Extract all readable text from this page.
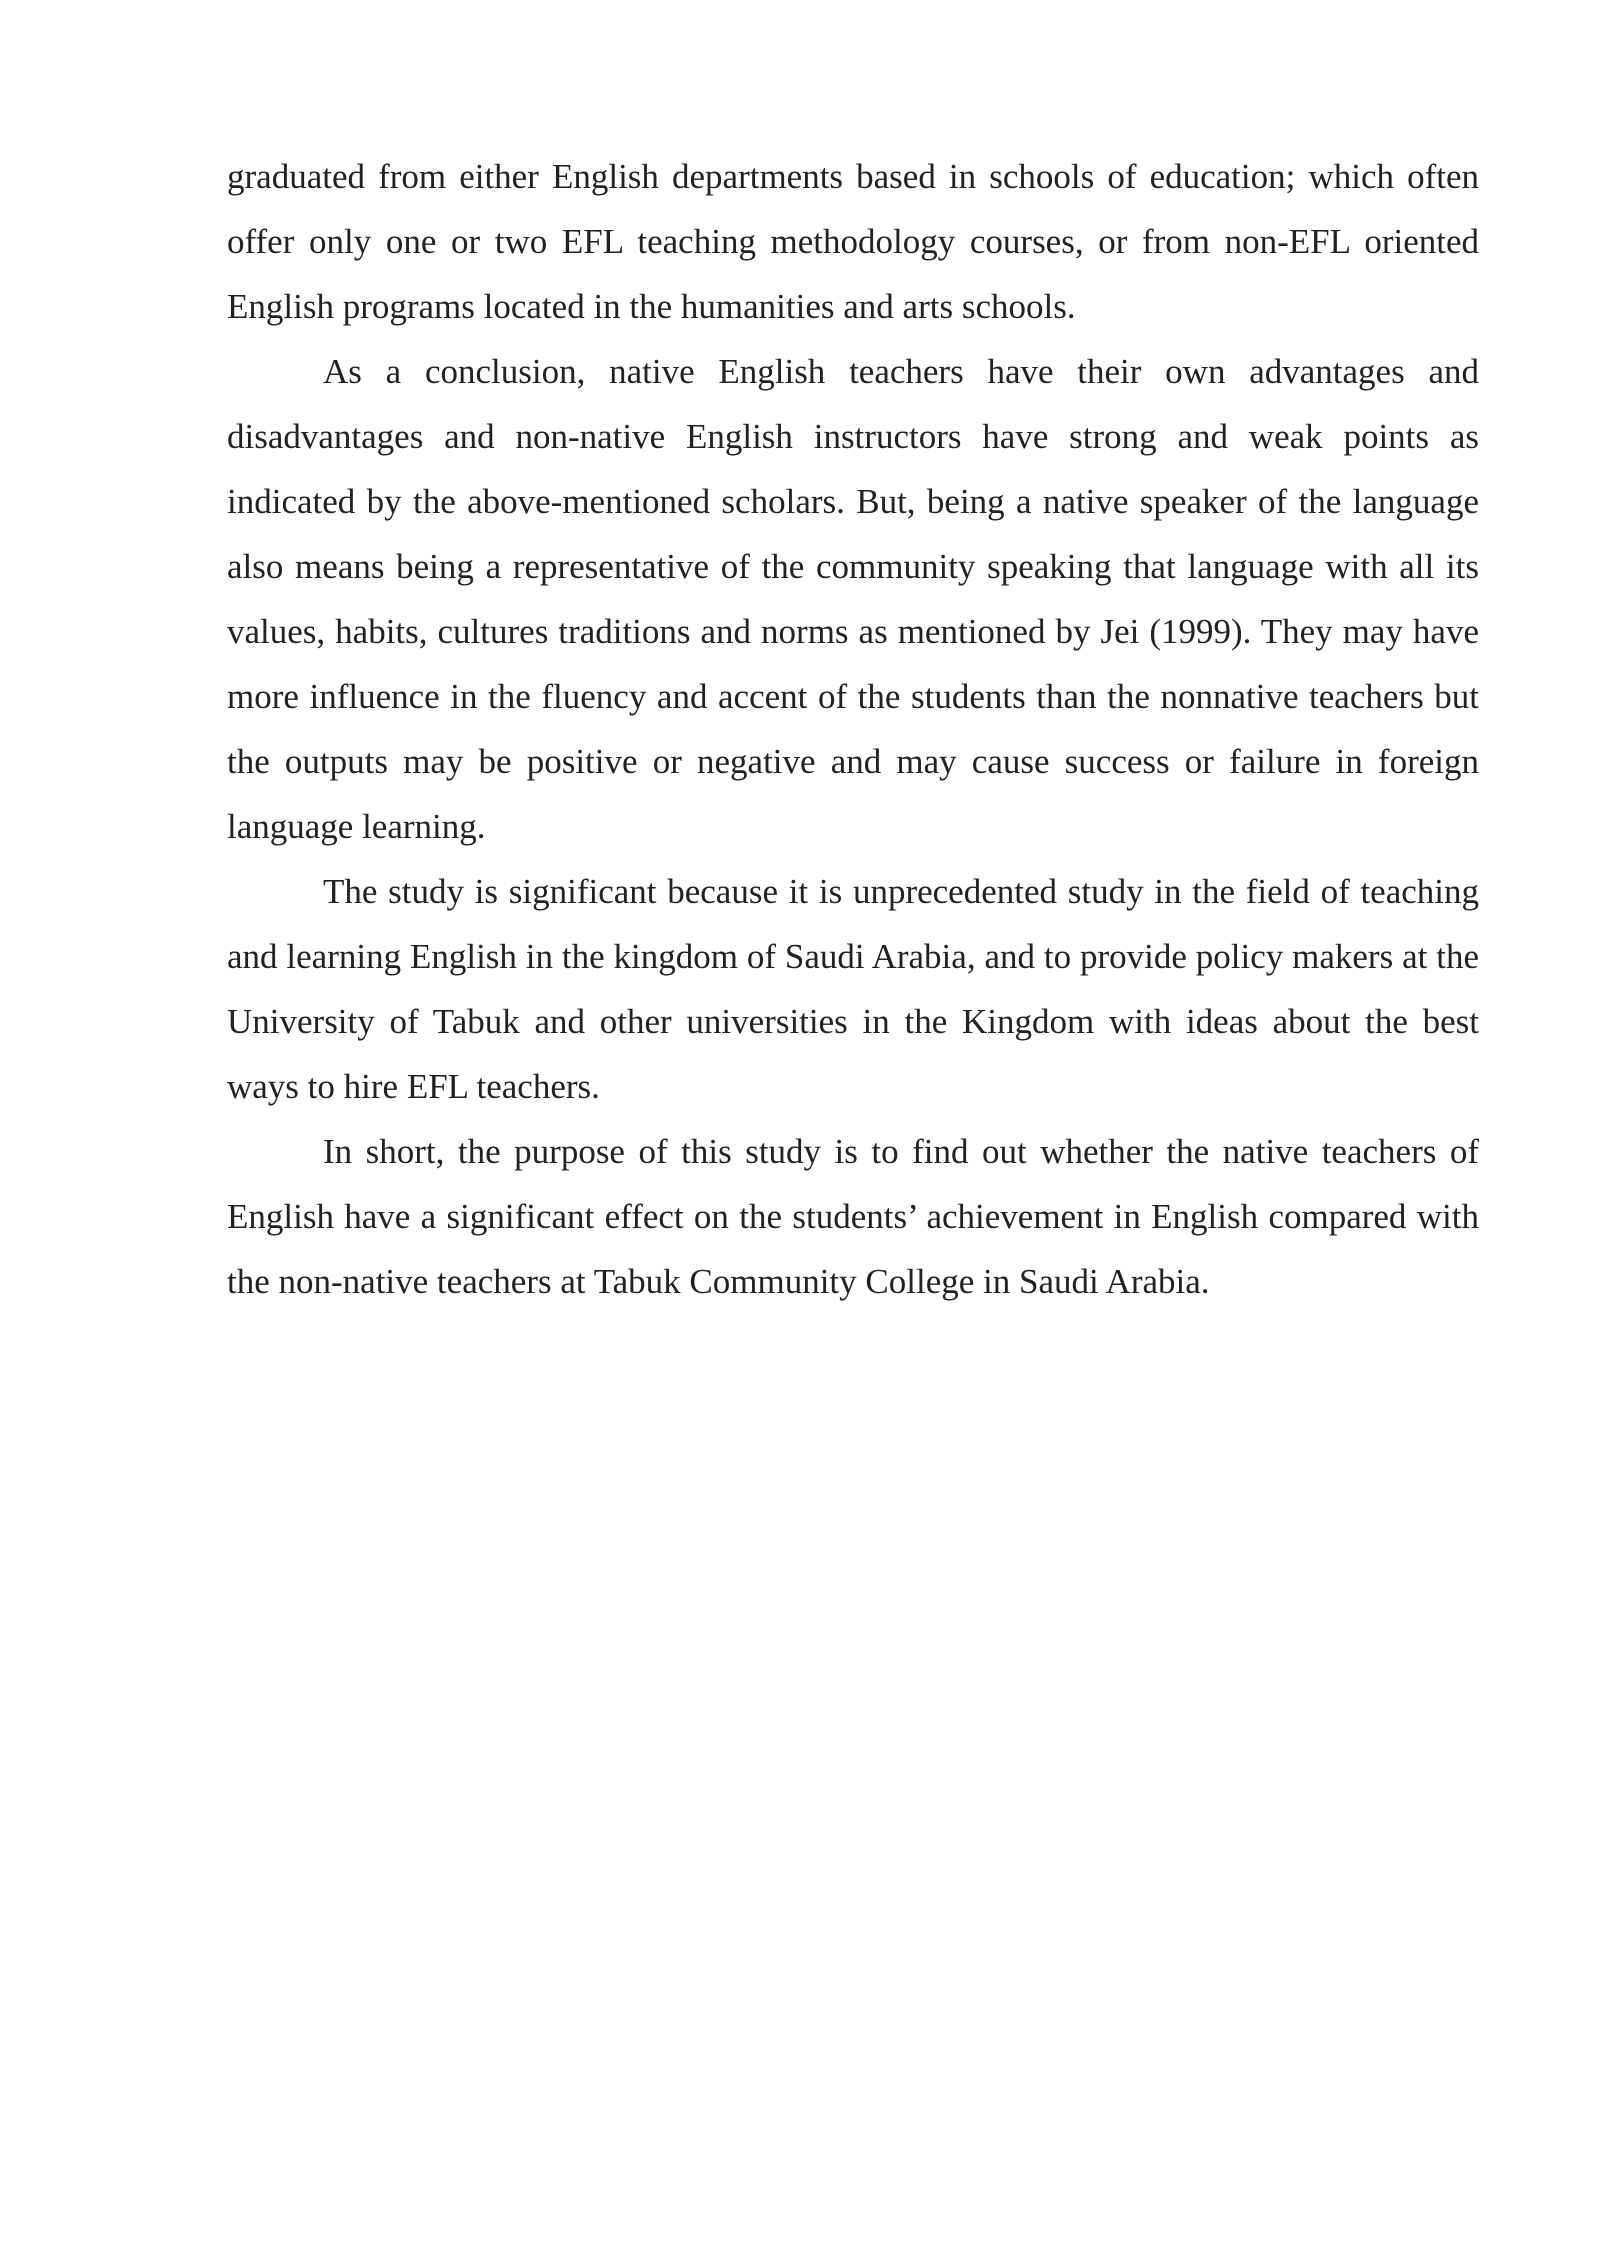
graduated from either English departments based in schools of education; which often offer only one or two EFL teaching methodology courses, or from non-EFL oriented English programs located in the humanities and arts schools.

As a conclusion, native English teachers have their own advantages and disadvantages and non-native English instructors have strong and weak points as indicated by the above-mentioned scholars. But, being a native speaker of the language also means being a representative of the community speaking that language with all its values, habits, cultures traditions and norms as mentioned by Jei (1999). They may have more influence in the fluency and accent of the students than the nonnative teachers but the outputs may be positive or negative and may cause success or failure in foreign language learning.

The study is significant because it is unprecedented study in the field of teaching and learning English in the kingdom of Saudi Arabia, and to provide policy makers at the University of Tabuk and other universities in the Kingdom with ideas about the best ways to hire EFL teachers.

In short, the purpose of this study is to find out whether the native teachers of English have a significant effect on the students’ achievement in English compared with the non-native teachers at Tabuk Community College in Saudi Arabia.
